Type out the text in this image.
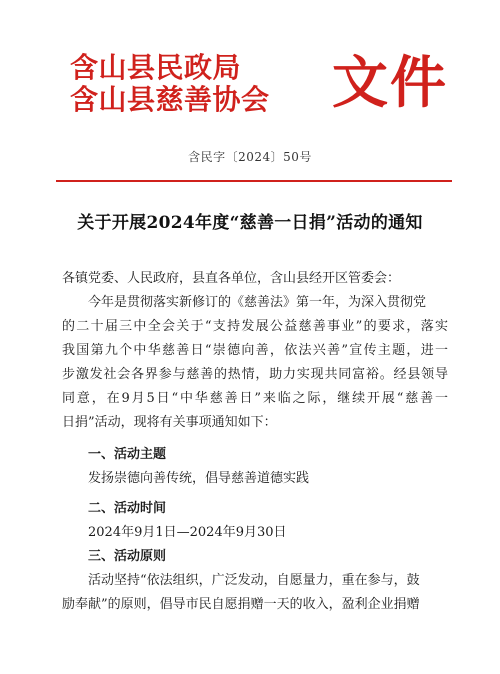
含山县民政局
含山县慈善协会	文件
含民字〔2024〕50号
关于开展2024年度“慈善一日捐”活动的通知
各镇党委、人民政府，县直各单位，含山县经开区管委会：
今年是贯彻落实新修订的《慈善法》第一年，为深入贯彻党
的二十届三中全会关于“支持发展公益慈善事业”的要求，落实
我国第九个中华慈善日“崇德向善，依法兴善”宣传主题，进一
步激发社会各界参与慈善的热情，助力实现共同富裕。经县领导
同意，在9月5日“中华慈善日”来临之际，继续开展“慈善一
日捐”活动，现将有关事项通知如下：
一、活动主题
发扬崇德向善传统，倡导慈善道德实践
二、活动时间
2024年9月1日—2024年9月30日
三、活动原则
活动坚持“依法组织，广泛发动，自愿量力，重在参与，鼓
励奉献”的原则，倡导市民自愿捐赠一天的收入，盈利企业捐赠
